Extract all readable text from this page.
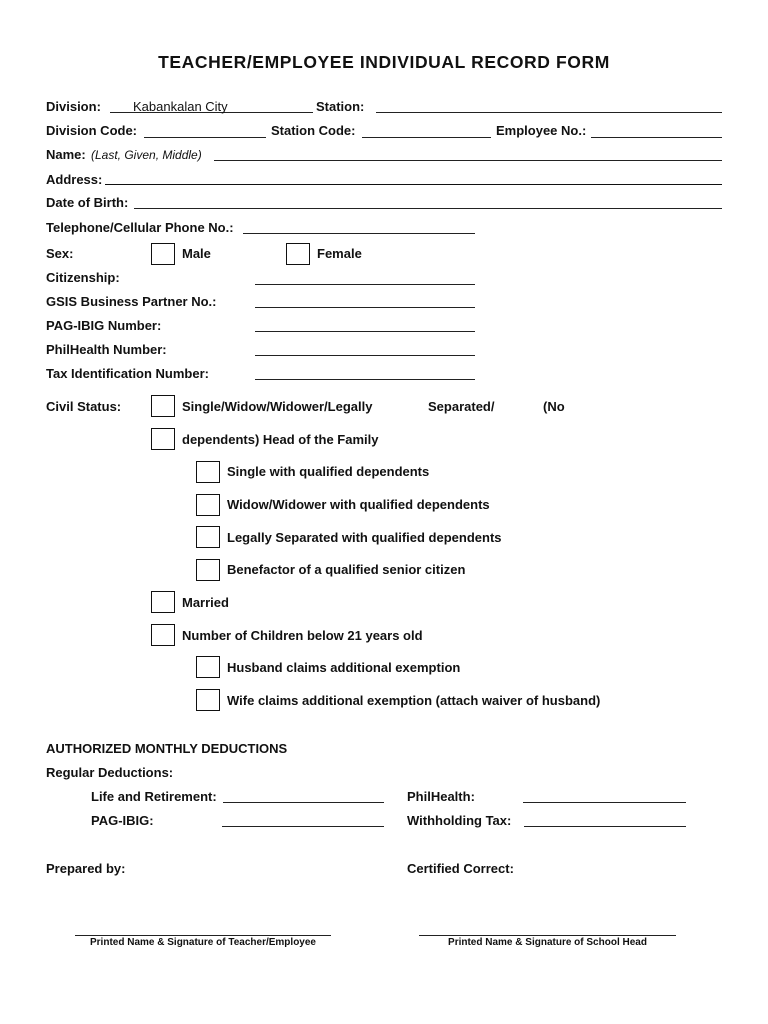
TEACHER/EMPLOYEE INDIVIDUAL RECORD FORM
Division: Kabankalan City	Station:
Division Code:	Station Code:	Employee No.:
Name: (Last, Given, Middle)
Address:
Date of Birth:
Telephone/Cellular Phone No.:
Sex:	Male	Female
Citizenship:
GSIS Business Partner No.:
PAG-IBIG Number:
PhilHealth Number:
Tax Identification Number:
Civil Status:	Single/Widow/Widower/Legally	Separated/	(No
dependents) Head of the Family
Single with qualified dependents
Widow/Widower with qualified dependents
Legally Separated with qualified dependents
Benefactor of a qualified senior citizen
Married
Number of Children below 21 years old
Husband claims additional exemption
Wife claims additional exemption (attach waiver of husband)
AUTHORIZED MONTHLY DEDUCTIONS
Regular Deductions:
Life and Retirement:	PhilHealth:
PAG-IBIG:	Withholding Tax:
Prepared by:	Certified Correct:
Printed Name & Signature of Teacher/Employee	Printed Name & Signature of School Head
